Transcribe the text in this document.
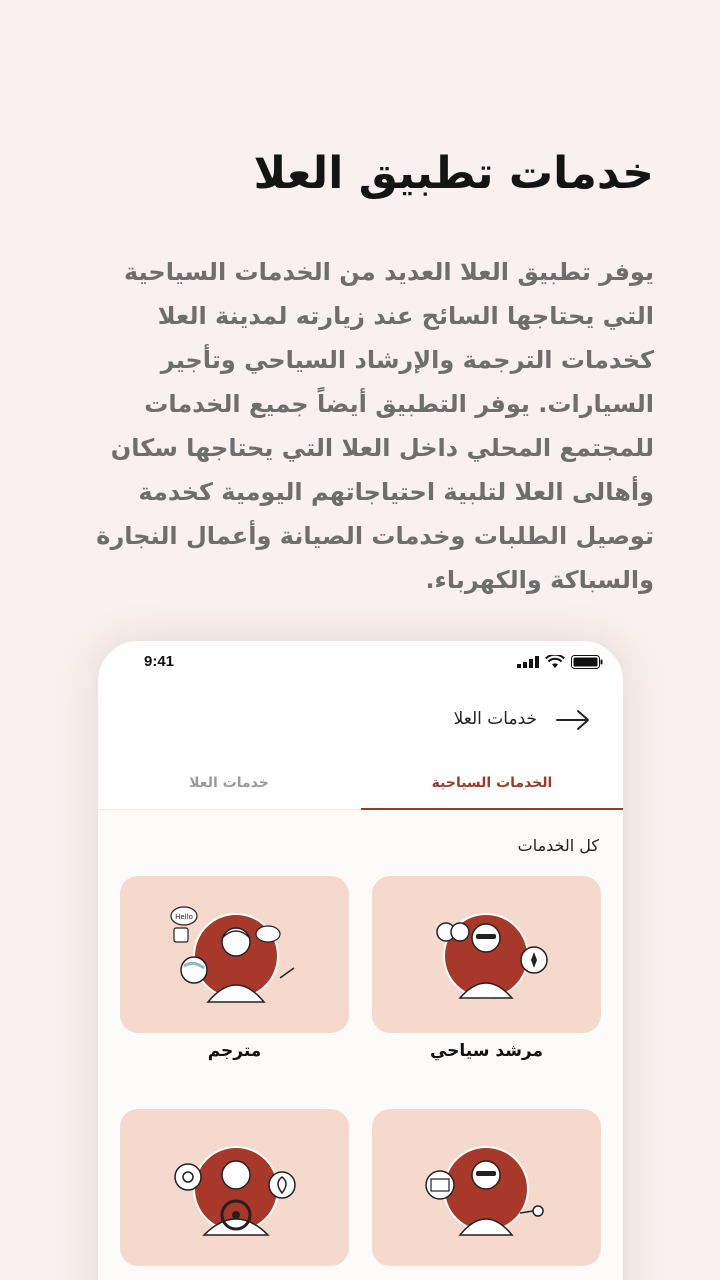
خدمات تطبيق العلا

يوفر تطبيق العلا العديد من الخدمات السياحية التي يحتاجها السائح عند زيارته لمدينة العلا كخدمات الترجمة والإرشاد السياحي وتأجير السيارات. يوفر التطبيق أيضاً جميع الخدمات للمجتمع المحلي داخل العلا التي يحتاجها سكان وأهالى العلا لتلبية احتياجاتهم اليومية كخدمة توصيل الطلبات وخدمات الصيانة وأعمال النجارة والسباكة والكهرباء.

9:41
خدمات العلا
الخدمات السياحية
خدمات العلا
كل الخدمات
مرشد سياحي
Hello
مترجم
